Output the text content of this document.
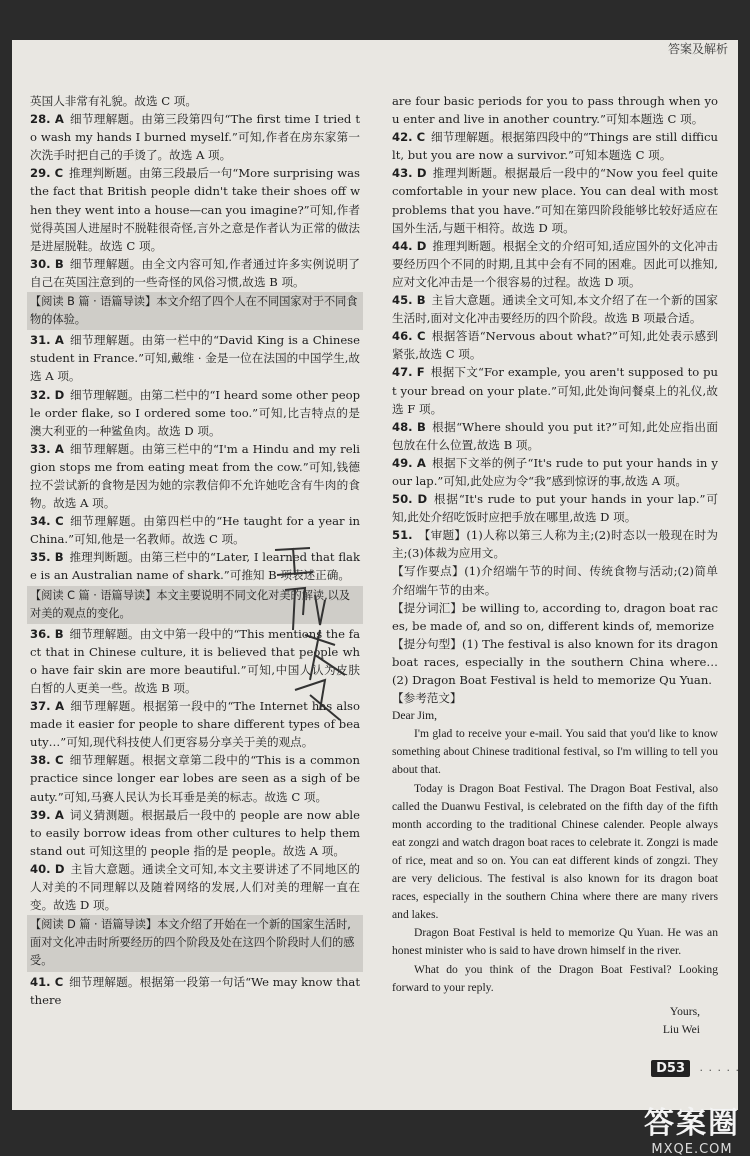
答案及解析
英国人非常有礼貌。故选 C 项。
28. A  细节理解题。由第三段第四句“The first time I tried to wash my hands I burned myself.”可知,作者在房东家第一次洗手时把自己的手烫了。故选 A 项。
29. C  推理判断题。由第三段最后一句“More surprising was the fact that British people didn't take their shoes off when they went into a house—can you imagine?”可知,作者觉得英国人进屋时不脱鞋很奇怪,言外之意是作者认为正常的做法是进屋脱鞋。故选 C 项。
30. B  细节理解题。由全文内容可知,作者通过许多实例说明了自己在英国注意到的一些奇怪的风俗习惯,故选 B 项。
【阅读 B 篇 · 语篇导读】本文介绍了四个人在不同国家对于不同食物的体验。
31. A  细节理解题。由第一栏中的“David King is a Chinese student in France.”可知,戴维 · 金是一位在法国的中国学生,故选 A 项。
32. D  细节理解题。由第二栏中的“I heard some other people order flake, so I ordered some too.”可知,比吉特点的是澳大利亚的一种鲨鱼肉。故选 D 项。
33. A  细节理解题。由第三栏中的“I'm a Hindu and my religion stops me from eating meat from the cow.”可知,钱德拉不尝试新的食物是因为她的宗教信仰不允许她吃含有牛肉的食物。故选 A 项。
34. C  细节理解题。由第四栏中的“He taught for a year in China.”可知,他是一名教师。故选 C 项。
35. B  推理判断题。由第三栏中的“Later, I learned that flake is an Australian name of shark.”可推知 B 项表述正确。
【阅读 C 篇 · 语篇导读】本文主要说明不同文化对美的解读,以及对美的观点的变化。
36. B  细节理解题。由文中第一段中的“This mentions the fact that in Chinese culture, it is believed that people who have fair skin are more beautiful.”可知,中国人认为皮肤白皙的人更美一些。故选 B 项。
37. A  细节理解题。根据第一段中的“The Internet has also made it easier for people to share different types of beauty…”可知,现代科技使人们更容易分享关于美的观点。
38. C  细节理解题。根据文章第二段中的“This is a common practice since longer ear lobes are seen as a sigh of beauty.”可知,马赛人民认为长耳垂是美的标志。故选 C 项。
39. A  词义猜测题。根据最后一段中的 people are now able to easily borrow ideas from other cultures to help them stand out 可知这里的 people 指的是 people。故选 A 项。
40. D  主旨大意题。通读全文可知,本文主要讲述了不同地区的人对美的不同理解以及随着网络的发展,人们对美的理解一直在变。故选 D 项。
【阅读 D 篇 · 语篇导读】本文介绍了开始在一个新的国家生活时,面对文化冲击时所要经历的四个阶段及处在这四个阶段时人们的感受。
41. C  细节理解题。根据第一段第一句话“We may know that there
are four basic periods for you to pass through when you enter and live in another country.”可知本题选 C 项。
42. C  细节理解题。根据第四段中的“Things are still difficult, but you are now a survivor.”可知本题选 C 项。
43. D  推理判断题。根据最后一段中的“Now you feel quite comfortable in your new place. You can deal with most problems that you have.”可知在第四阶段能够比较好适应在国外生活,与题干相符。故选 D 项。
44. D  推理判断题。根据全文的介绍可知,适应国外的文化冲击要经历四个不同的时期,且其中会有不同的困难。因此可以推知,应对文化冲击是一个很容易的过程。故选 D 项。
45. B  主旨大意题。通读全文可知,本文介绍了在一个新的国家生活时,面对文化冲击要经历的四个阶段。故选 B 项最合适。
46. C  根据答语“Nervous about what?”可知,此处表示感到紧张,故选 C 项。
47. F  根据下文“For example, you aren't supposed to put your bread on your plate.”可知,此处询问餐桌上的礼仪,故选 F 项。
48. B  根据“Where should you put it?”可知,此处应指出面包放在什么位置,故选 B 项。
49. A  根据下文举的例子“It's rude to put your hands in your lap.”可知,此处应为令“我”感到惊讶的事,故选 A 项。
50. D  根据“It's rude to put your hands in your lap.”可知,此处介绍吃饭时应把手放在哪里,故选 D 项。
51.  【审题】(1)人称以第三人称为主;(2)时态以一般现在时为主;(3)体裁为应用文。
【写作要点】(1)介绍端午节的时间、传统食物与活动;(2)简单介绍端午节的由来。
【提分词汇】be willing to, according to, dragon boat races, be made of, and so on, different kinds of, memorize
【提分句型】(1) The festival is also known for its dragon boat races, especially in the southern China where… (2) Dragon Boat Festival is held to memorize Qu Yuan.
【参考范文】
Dear Jim,
I'm glad to receive your e-mail. You said that you'd like to know something about Chinese traditional festival, so I'm willing to tell you about that.
Today is Dragon Boat Festival. The Dragon Boat Festival, also called the Duanwu Festival, is celebrated on the fifth day of the fifth month according to the traditional Chinese calender. People always eat zongzi and watch dragon boat races to celebrate it. Zongzi is made of rice, meat and so on. You can eat different kinds of zongzi. They are very delicious. The festival is also known for its dragon boat races, especially in the southern China where there are many rivers and lakes.
Dragon Boat Festival is held to memorize Qu Yuan. He was an honest minister who is said to have drown himself in the river.
What do you think of the Dragon Boat Festival? Looking forward to your reply.
Yours,
Liu Wei
D53	· · · · ·
答案圈
MXQE.COM
